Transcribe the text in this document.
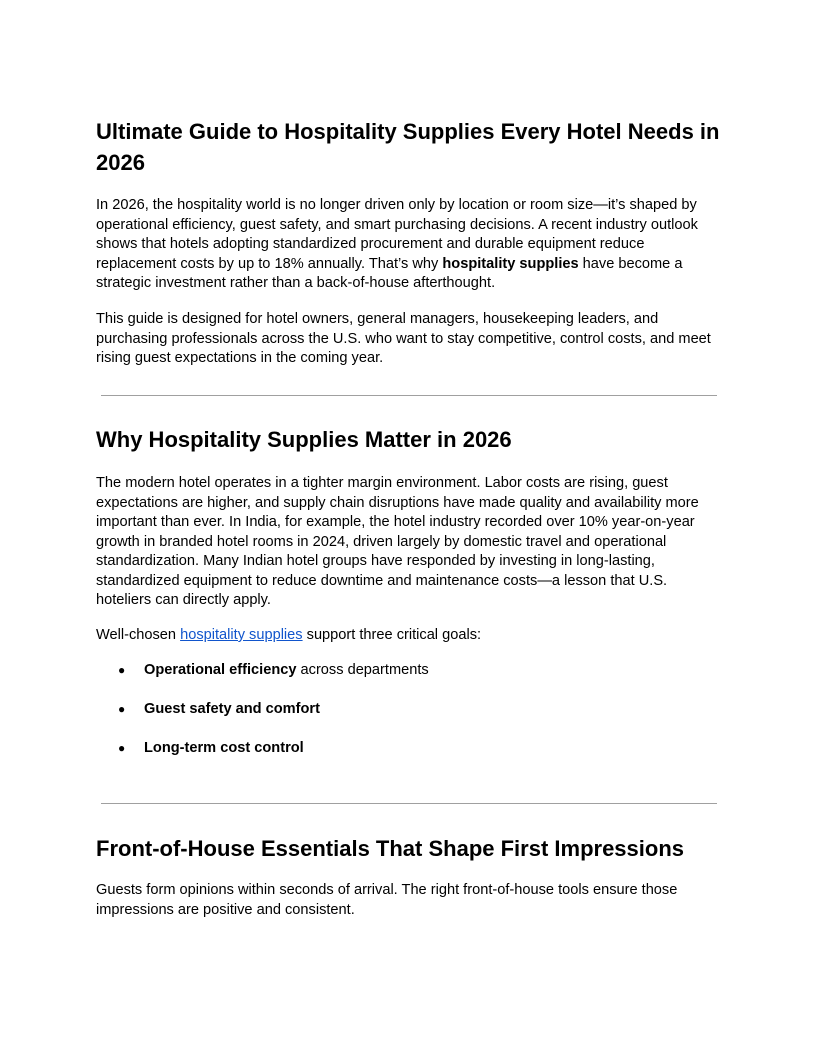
Ultimate Guide to Hospitality Supplies Every Hotel Needs in 2026

In 2026, the hospitality world is no longer driven only by location or room size—it’s shaped by operational efficiency, guest safety, and smart purchasing decisions. A recent industry outlook shows that hotels adopting standardized procurement and durable equipment reduce replacement costs by up to 18% annually. That’s why hospitality supplies have become a strategic investment rather than a back-of-house afterthought.

This guide is designed for hotel owners, general managers, housekeeping leaders, and purchasing professionals across the U.S. who want to stay competitive, control costs, and meet rising guest expectations in the coming year.

Why Hospitality Supplies Matter in 2026

The modern hotel operates in a tighter margin environment. Labor costs are rising, guest expectations are higher, and supply chain disruptions have made quality and availability more important than ever. In India, for example, the hotel industry recorded over 10% year-on-year growth in branded hotel rooms in 2024, driven largely by domestic travel and operational standardization. Many Indian hotel groups have responded by investing in long-lasting, standardized equipment to reduce downtime and maintenance costs—a lesson that U.S. hoteliers can directly apply.

Well-chosen hospitality supplies support three critical goals:

● Operational efficiency across departments
● Guest safety and comfort
● Long-term cost control
Front-of-House Essentials That Shape First Impressions

Guests form opinions within seconds of arrival. The right front-of-house tools ensure those impressions are positive and consistent.
